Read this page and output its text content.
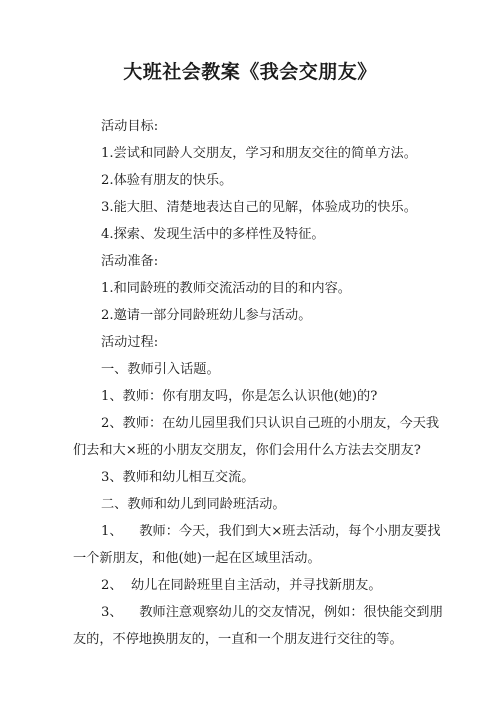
大班社会教案《我会交朋友》
活动目标:
1.尝试和同龄人交朋友，学习和朋友交往的简单方法。
2.体验有朋友的快乐。
3.能大胆、清楚地表达自己的见解，体验成功的快乐。
4.探索、发现生活中的多样性及特征。
活动准备:
1.和同龄班的教师交流活动的目的和内容。
2.邀请一部分同龄班幼儿参与活动。
活动过程:
一、教师引入话题。
1、教师：你有朋友吗，你是怎么认识他(她)的?
2、教师：在幼儿园里我们只认识自己班的小朋友，今天我
们去和大×班的小朋友交朋友，你们会用什么方法去交朋友?
3、教师和幼儿相互交流。
二、教师和幼儿到同龄班活动。
1、    教师：今天，我们到大×班去活动，每个小朋友要找
一个新朋友，和他(她)一起在区域里活动。
2、  幼儿在同龄班里自主活动，并寻找新朋友。
3、    教师注意观察幼儿的交友情况，例如：很快能交到朋
友的，不停地换朋友的，一直和一个朋友进行交往的等。
